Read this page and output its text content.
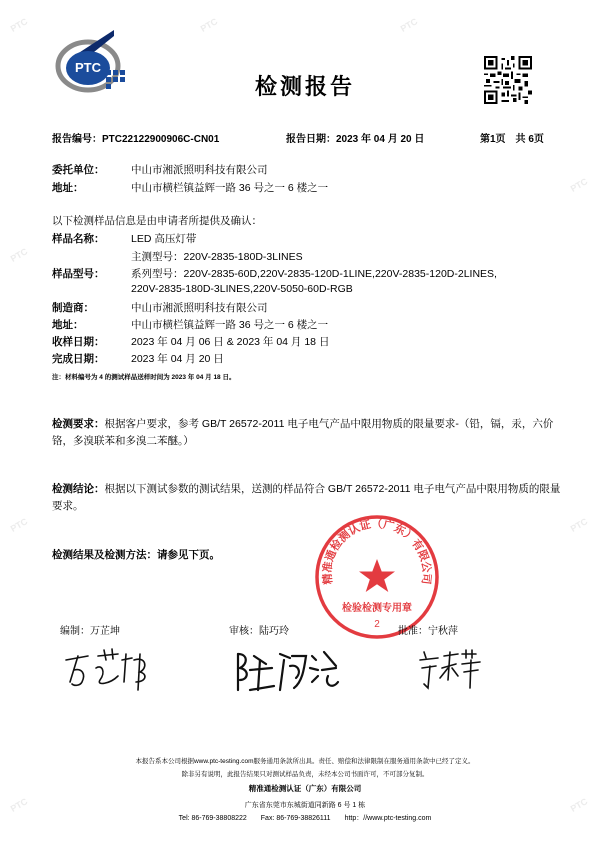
PTC	PTC	PTC
PTC
PTC
PTC	PTC
PTC	PTC
PTC
检测报告
报告编号：PTC22122900906C-CN01	报告日期：2023 年 04 月 20 日	第1页　共 6页
委托单位：	中山市湘派照明科技有限公司
地址：	中山市横栏镇益辉一路 36 号之一 6 楼之一
以下检测样品信息是由申请者所提供及确认：
样品名称：	LED 高压灯带
主测型号：220V-2835-180D-3LINES
样品型号：	系列型号：220V-2835-60D,220V-2835-120D-1LINE,220V-2835-120D-2LINES,
220V-2835-180D-3LINES,220V-5050-60D-RGB
制造商：	中山市湘派照明科技有限公司
地址：	中山市横栏镇益辉一路 36 号之一 6 楼之一
收样日期：	2023 年 04 月 06 日 & 2023 年 04 月 18 日
完成日期：	2023 年 04 月 20 日
注：材料编号为 4 的测试样品送样时间为 2023 年 04 月 18 日。
检测要求：根据客户要求，参考 GB/T 26572-2011 电子电气产品中限用物质的限量要求-（铅，镉，汞，六价铬，多溴联苯和多溴二苯醚。）
检测结论：根据以下测试参数的测试结果，送测的样品符合 GB/T 26572-2011 电子电气产品中限用物质的限量要求。
检测结果及检测方法：请参见下页。
精准通检测认证（广东）有限公司
检验检测专用章
2
编制：万芷坤	审核：陆巧玲	批准：宁秋萍
本报告系本公司根据www.ptc-testing.com服务通用条款所出具。责任、赔偿和法律限制在服务通用条款中已经了定义。
除非另有说明，此报告结果只对测试样品负责，未经本公司书面许可，不可部分复制。
精准通检测认证（广东）有限公司
广东省东莞市东城街道同新路 6 号 1 栋
Tel: 86-769-38808222　　Fax: 86-769-38826111　　http：//www.ptc-testing.com
